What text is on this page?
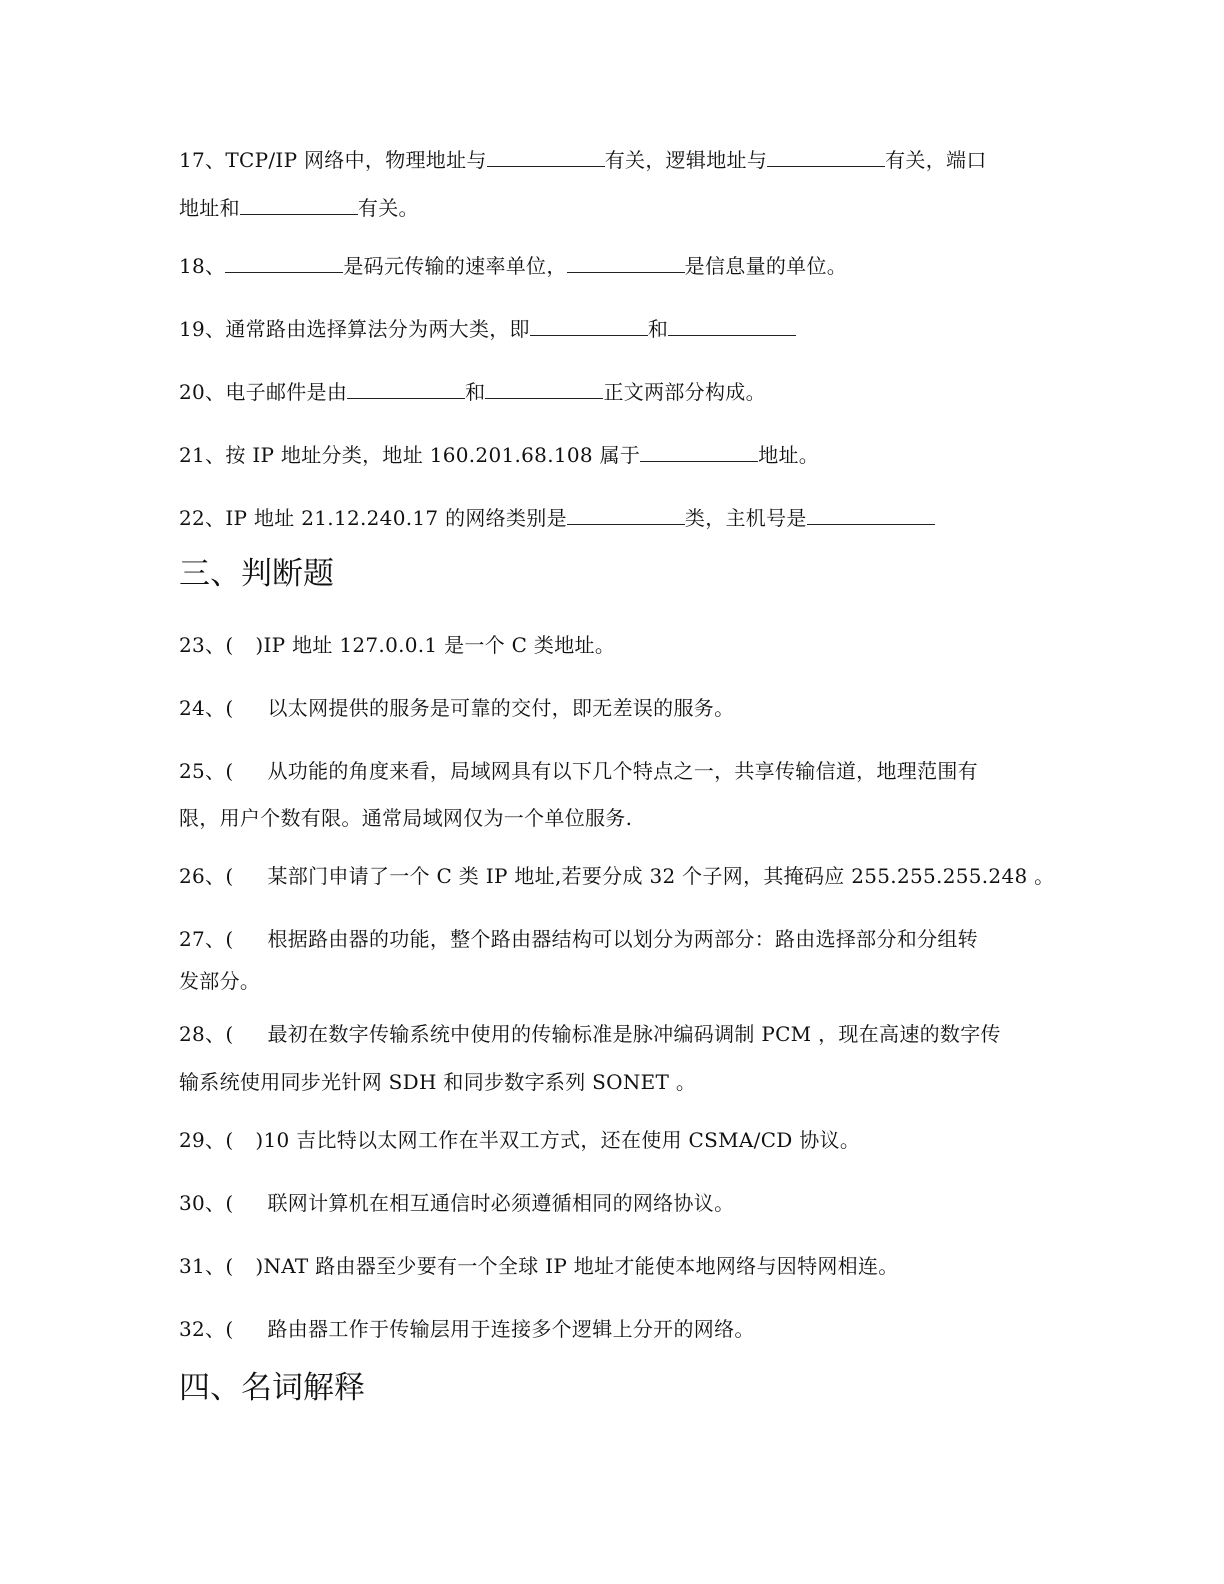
17、TCP/IP 网络中，物理地址与	有关，逻辑地址与	有关，端口
地址和	有关。
18、	是码元传输的速率单位，	是信息量的单位。
19、通常路由选择算法分为两大类，即	和
20、电子邮件是由	和	正文两部分构成。
21、按 IP 地址分类，地址 160.201.68.108 属于	地址。
22、IP 地址 21.12.240.17 的网络类别是	类，主机号是
三、判断题
23、( )IP 地址 127.0.0.1 是一个 C 类地址。
24、( 以太网提供的服务是可靠的交付，即无差误的服务。
25、( 从功能的角度来看，局域网具有以下几个特点之一，共享传输信道，地理范围有
限，用户个数有限。通常局域网仅为一个单位服务.
26、( 某部门申请了一个 C 类 IP 地址,若要分成 32 个子网，其掩码应 255.255.255.248 。
27、( 根据路由器的功能，整个路由器结构可以划分为两部分：路由选择部分和分组转
发部分。
28、( 最初在数字传输系统中使用的传输标准是脉冲编码调制 PCM ，现在高速的数字传
输系统使用同步光针网 SDH 和同步数字系列 SONET 。
29、( )10 吉比特以太网工作在半双工方式，还在使用 CSMA/CD 协议。
30、( 联网计算机在相互通信时必须遵循相同的网络协议。
31、( )NAT 路由器至少要有一个全球 IP 地址才能使本地网络与因特网相连。
32、( 路由器工作于传输层用于连接多个逻辑上分开的网络。
四、名词解释
